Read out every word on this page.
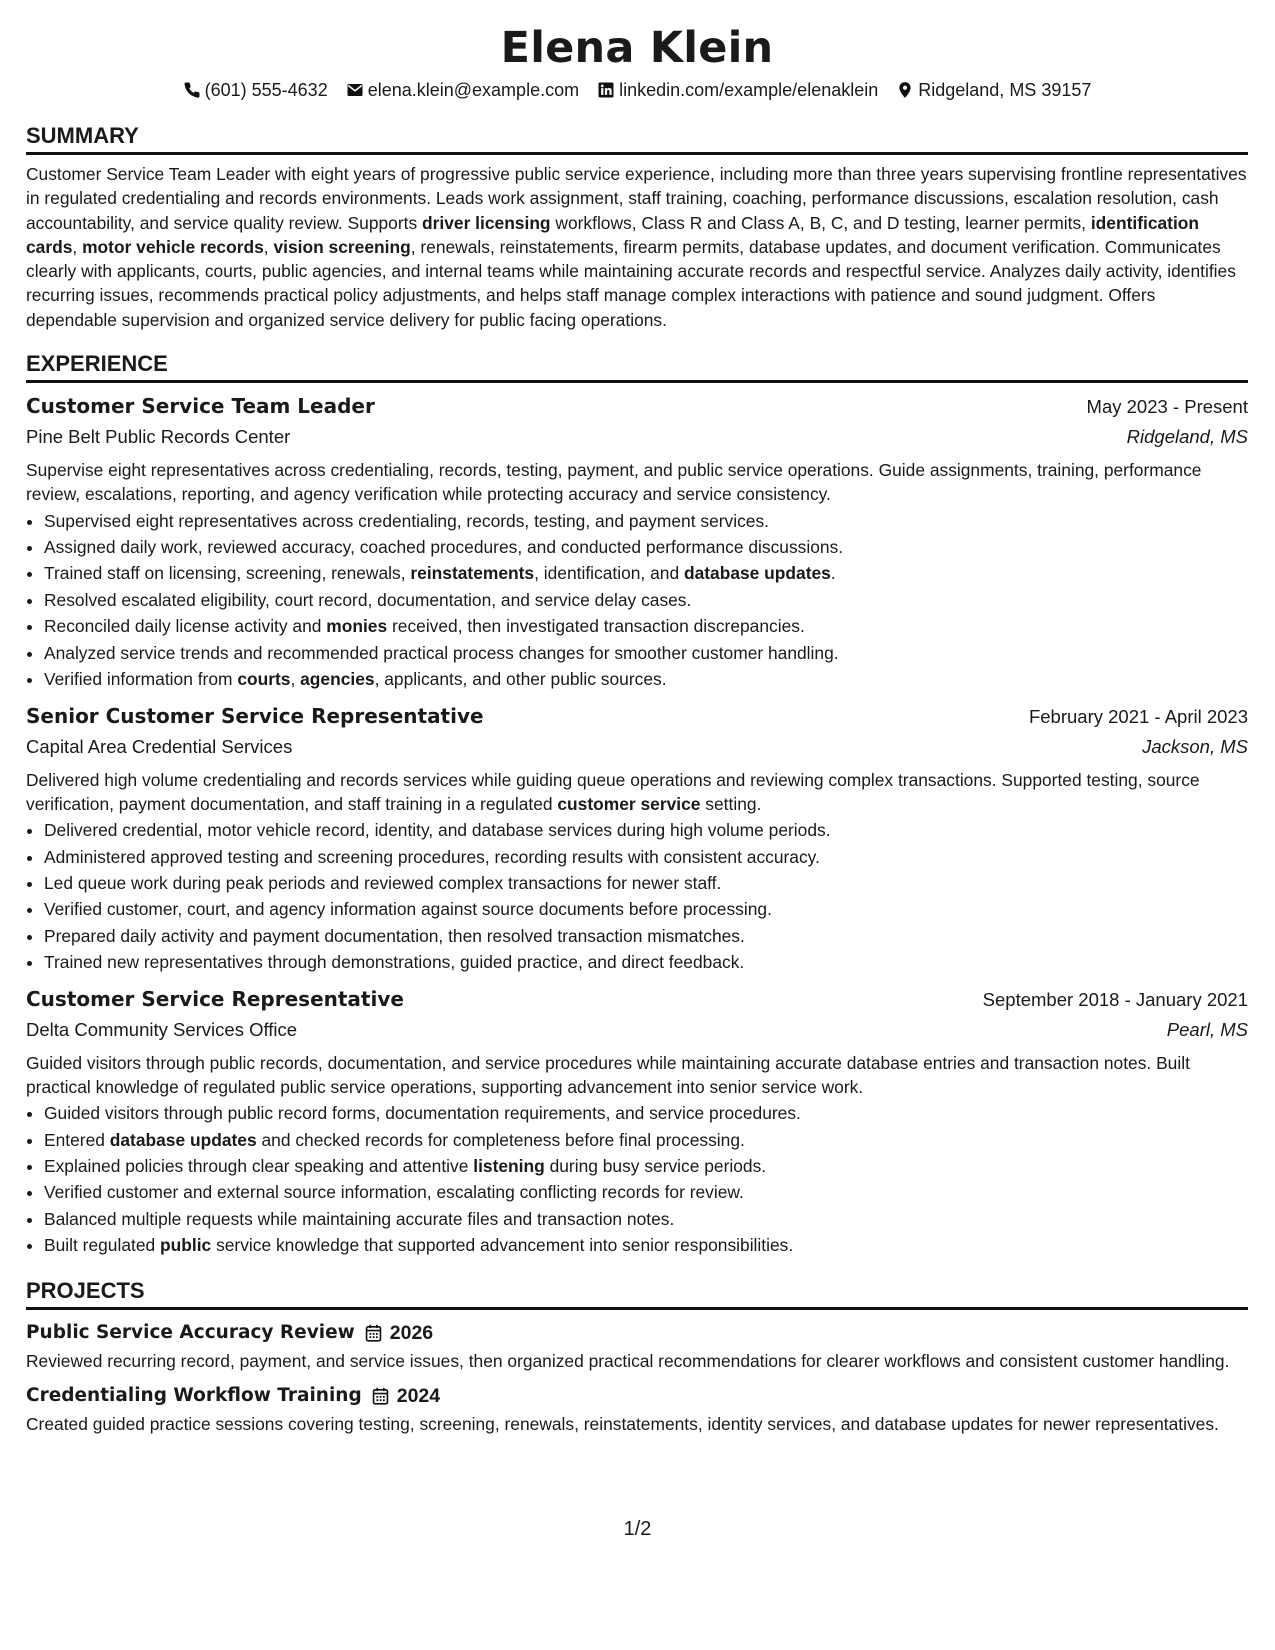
Elena Klein
(601) 555-4632 elena.klein@example.com linkedin.com/example/elenaklein Ridgeland, MS 39157
SUMMARY

Customer Service Team Leader with eight years of progressive public service experience, including more than three years supervising frontline representatives in regulated credentialing and records environments. Leads work assignment, staff training, coaching, performance discussions, escalation resolution, cash accountability, and service quality review. Supports driver licensing workflows, Class R and Class A, B, C, and D testing, learner permits, identification cards, motor vehicle records, vision screening, renewals, reinstatements, firearm permits, database updates, and document verification. Communicates clearly with applicants, courts, public agencies, and internal teams while maintaining accurate records and respectful service. Analyzes daily activity, identifies recurring issues, recommends practical policy adjustments, and helps staff manage complex interactions with patience and sound judgment. Offers dependable supervision and organized service delivery for public facing operations.

EXPERIENCE
Customer Service Team Leader	May 2023 - Present
Pine Belt Public Records Center	Ridgeland, MS
Supervise eight representatives across credentialing, records, testing, payment, and public service operations. Guide assignments, training, performance review, escalations, reporting, and agency verification while protecting accuracy and service consistency.
• Supervised eight representatives across credentialing, records, testing, and payment services.
• Assigned daily work, reviewed accuracy, coached procedures, and conducted performance discussions.
• Trained staff on licensing, screening, renewals, reinstatements, identification, and database updates.
• Resolved escalated eligibility, court record, documentation, and service delay cases.
• Reconciled daily license activity and monies received, then investigated transaction discrepancies.
• Analyzed service trends and recommended practical process changes for smoother customer handling.
• Verified information from courts, agencies, applicants, and other public sources.
Senior Customer Service Representative	February 2021 - April 2023
Capital Area Credential Services	Jackson, MS
Delivered high volume credentialing and records services while guiding queue operations and reviewing complex transactions. Supported testing, source verification, payment documentation, and staff training in a regulated customer service setting.
• Delivered credential, motor vehicle record, identity, and database services during high volume periods.
• Administered approved testing and screening procedures, recording results with consistent accuracy.
• Led queue work during peak periods and reviewed complex transactions for newer staff.
• Verified customer, court, and agency information against source documents before processing.
• Prepared daily activity and payment documentation, then resolved transaction mismatches.
• Trained new representatives through demonstrations, guided practice, and direct feedback.
Customer Service Representative	September 2018 - January 2021
Delta Community Services Office	Pearl, MS
Guided visitors through public records, documentation, and service procedures while maintaining accurate database entries and transaction notes. Built practical knowledge of regulated public service operations, supporting advancement into senior service work.
• Guided visitors through public record forms, documentation requirements, and service procedures.
• Entered database updates and checked records for completeness before final processing.
• Explained policies through clear speaking and attentive listening during busy service periods.
• Verified customer and external source information, escalating conflicting records for review.
• Balanced multiple requests while maintaining accurate files and transaction notes.
• Built regulated public service knowledge that supported advancement into senior responsibilities.
PROJECTS
Public Service Accuracy Review 2026
Reviewed recurring record, payment, and service issues, then organized practical recommendations for clearer workflows and consistent customer handling.
Credentialing Workflow Training 2024
Created guided practice sessions covering testing, screening, renewals, reinstatements, identity services, and database updates for newer representatives.
1/2
